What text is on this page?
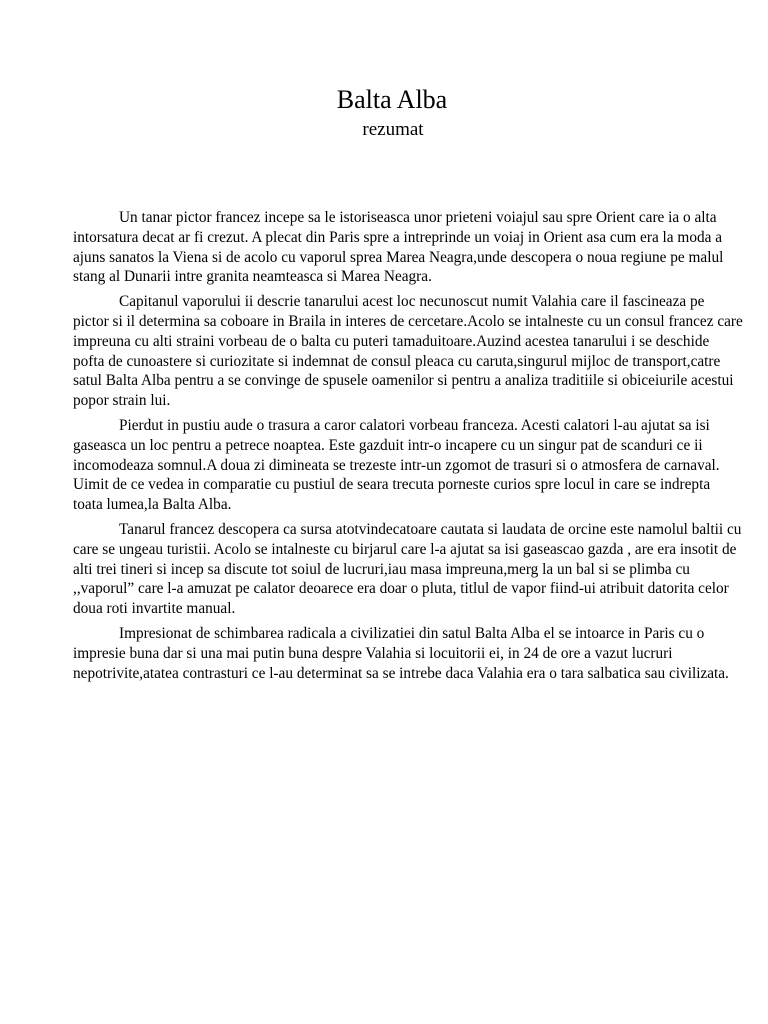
Balta Alba
rezumat

Un tanar pictor francez incepe sa le istoriseasca unor prieteni voiajul sau spre Orient care ia o alta intorsatura decat ar fi crezut. A plecat din Paris spre a intreprinde un voiaj in Orient asa cum era la moda a ajuns sanatos la Viena si de acolo cu vaporul sprea Marea Neagra,unde descopera o noua regiune pe malul stang al Dunarii intre granita neamteasca si Marea Neagra.

Capitanul vaporului ii descrie tanarului acest loc necunoscut numit Valahia care il fascineaza pe pictor si il determina sa coboare in Braila in interes de cercetare.Acolo se intalneste cu un consul francez care impreuna cu alti straini vorbeau de o balta cu puteri tamaduitoare.Auzind acestea tanarului i se deschide pofta de cunoastere si curiozitate si indemnat de consul pleaca cu caruta,singurul mijloc de transport,catre satul Balta Alba pentru a se convinge de spusele oamenilor si pentru a analiza traditiile si obiceiurile acestui popor strain lui.

Pierdut in pustiu aude o trasura a caror calatori vorbeau franceza. Acesti calatori l-au ajutat sa isi gaseasca un loc pentru a petrece noaptea. Este gazduit intr-o incapere cu un singur pat de scanduri ce ii incomodeaza somnul.A doua zi dimineata se trezeste intr-un zgomot de trasuri si o atmosfera de carnaval. Uimit de ce vedea in comparatie cu pustiul de seara trecuta porneste curios spre locul in care se indrepta toata lumea,la Balta Alba.

Tanarul francez descopera ca sursa atotvindecatoare cautata si laudata de orcine este namolul baltii cu care se ungeau turistii. Acolo se intalneste cu birjarul care l-a ajutat sa isi gaseascao gazda , are era insotit de alti trei tineri si incep sa discute tot soiul de lucruri,iau masa impreuna,merg la un bal si se plimba cu ,,vaporul” care l-a amuzat pe calator deoarece era doar o pluta, titlul de vapor fiind-ui atribuit datorita celor doua roti invartite manual.

Impresionat de schimbarea radicala a civilizatiei din satul Balta Alba el se intoarce in Paris cu o impresie buna dar si una mai putin buna despre Valahia si locuitorii ei, in 24 de ore a vazut lucruri nepotrivite,atatea contrasturi ce l-au determinat sa se intrebe daca Valahia era o tara salbatica sau civilizata.
